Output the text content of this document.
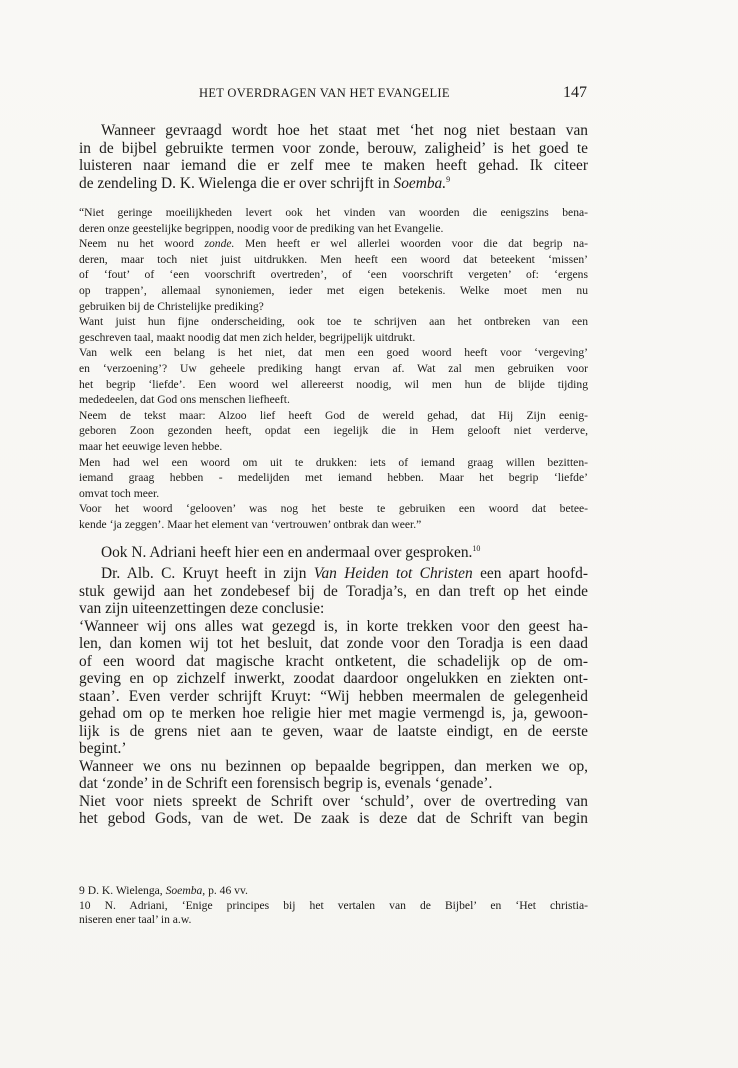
HET OVERDRAGEN VAN HET EVANGELIE	147
Wanneer gevraagd wordt hoe het staat met ‘het nog niet bestaan van
in de bijbel gebruikte termen voor zonde, berouw, zaligheid’ is het goed te
luisteren naar iemand die er zelf mee te maken heeft gehad. Ik citeer
de zendeling D. K. Wielenga die er over schrijft in Soemba.$^9$
“Niet geringe moeilijkheden levert ook het vinden van woorden die eenigszins bena-
deren onze geestelijke begrippen, noodig voor de prediking van het Evangelie.
Neem nu het woord zonde. Men heeft er wel allerlei woorden voor die dat begrip na-
deren, maar toch niet juist uitdrukken. Men heeft een woord dat beteekent ‘missen’
of ‘fout’ of ‘een voorschrift overtreden’, of ‘een voorschrift vergeten’ of: ‘ergens
op trappen’, allemaal synoniemen, ieder met eigen betekenis. Welke moet men nu
gebruiken bij de Christelijke prediking?
Want juist hun fijne onderscheiding, ook toe te schrijven aan het ontbreken van een
geschreven taal, maakt noodig dat men zich helder, begrijpelijk uitdrukt.
Van welk een belang is het niet, dat men een goed woord heeft voor ‘vergeving’
en ‘verzoening’? Uw geheele prediking hangt ervan af. Wat zal men gebruiken voor
het begrip ‘liefde’. Een woord wel allereerst noodig, wil men hun de blijde tijding
mededeelen, dat God ons menschen liefheeft.
Neem de tekst maar: Alzoo lief heeft God de wereld gehad, dat Hij Zijn eenig-
geboren Zoon gezonden heeft, opdat een iegelijk die in Hem gelooft niet verderve,
maar het eeuwige leven hebbe.
Men had wel een woord om uit te drukken: iets of iemand graag willen bezitten-
iemand graag hebben - medelijden met iemand hebben. Maar het begrip ‘liefde’
omvat toch meer.
Voor het woord ‘gelooven’ was nog het beste te gebruiken een woord dat betee-
kende ‘ja zeggen’. Maar het element van ‘vertrouwen’ ontbrak dan weer.”
Ook N. Adriani heeft hier een en andermaal over gesproken.$^{10}$
Dr. Alb. C. Kruyt heeft in zijn Van Heiden tot Christen een apart hoofd-
stuk gewijd aan het zondebesef bij de Toradja’s, en dan treft op het einde
van zijn uiteenzettingen deze conclusie:
‘Wanneer wij ons alles wat gezegd is, in korte trekken voor den geest ha-
len, dan komen wij tot het besluit, dat zonde voor den Toradja is een daad
of een woord dat magische kracht ontketent, die schadelijk op de om-
geving en op zichzelf inwerkt, zoodat daardoor ongelukken en ziekten ont-
staan’. Even verder schrijft Kruyt: “Wij hebben meermalen de gelegenheid
gehad om op te merken hoe religie hier met magie vermengd is, ja, gewoon-
lijk is de grens niet aan te geven, waar de laatste eindigt, en de eerste
begint.’
Wanneer we ons nu bezinnen op bepaalde begrippen, dan merken we op,
dat ‘zonde’ in de Schrift een forensisch begrip is, evenals ‘genade’.
Niet voor niets spreekt de Schrift over ‘schuld’, over de overtreding van
het gebod Gods, van de wet. De zaak is deze dat de Schrift van begin
9 D. K. Wielenga, Soemba, p. 46 vv.
10 N. Adriani, ‘Enige principes bij het vertalen van de Bijbel’ en ‘Het christia-
niseren ener taal’ in a.w.
